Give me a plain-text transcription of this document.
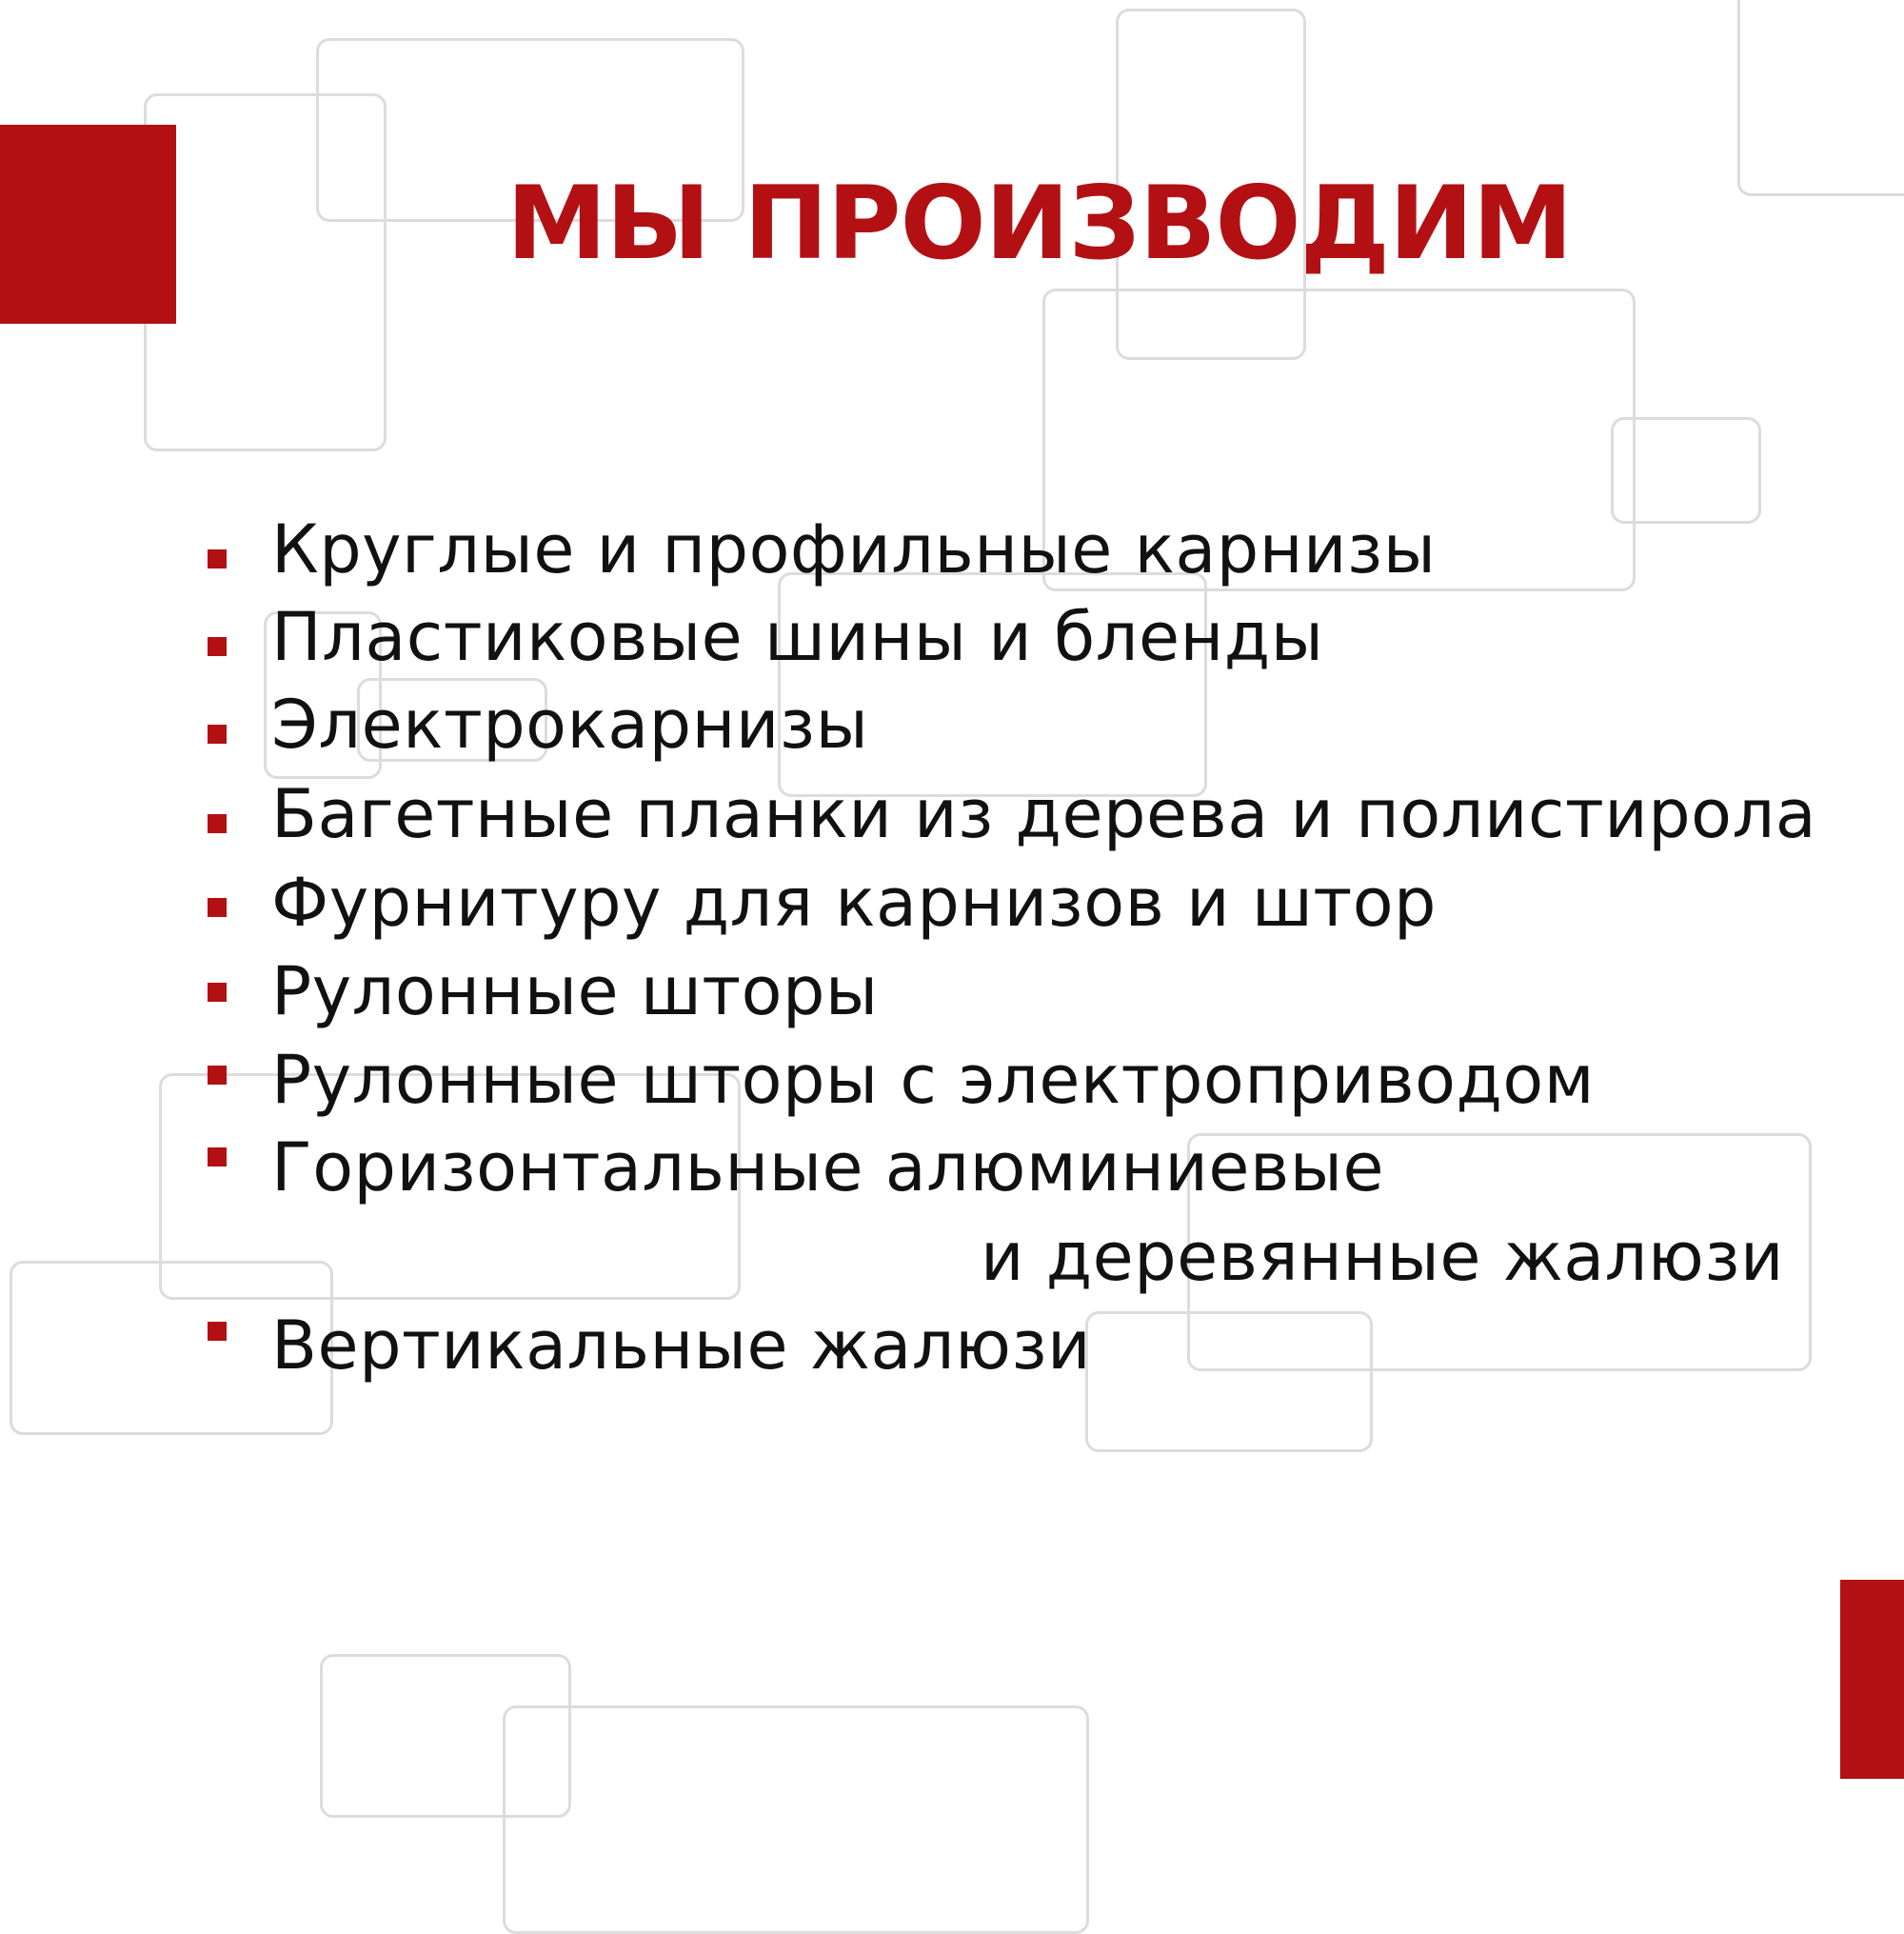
МЫ ПРОИЗВОДИМ
Круглые и профильные карнизы
Пластиковые шины и бленды
Электрокарнизы
Багетные планки из дерева и полистирола
Фурнитуру для карнизов и штор
Рулонные шторы
Рулонные шторы с электроприводом
Горизонтальные алюминиевые
и деревянные жалюзи
Вертикальные жалюзи
